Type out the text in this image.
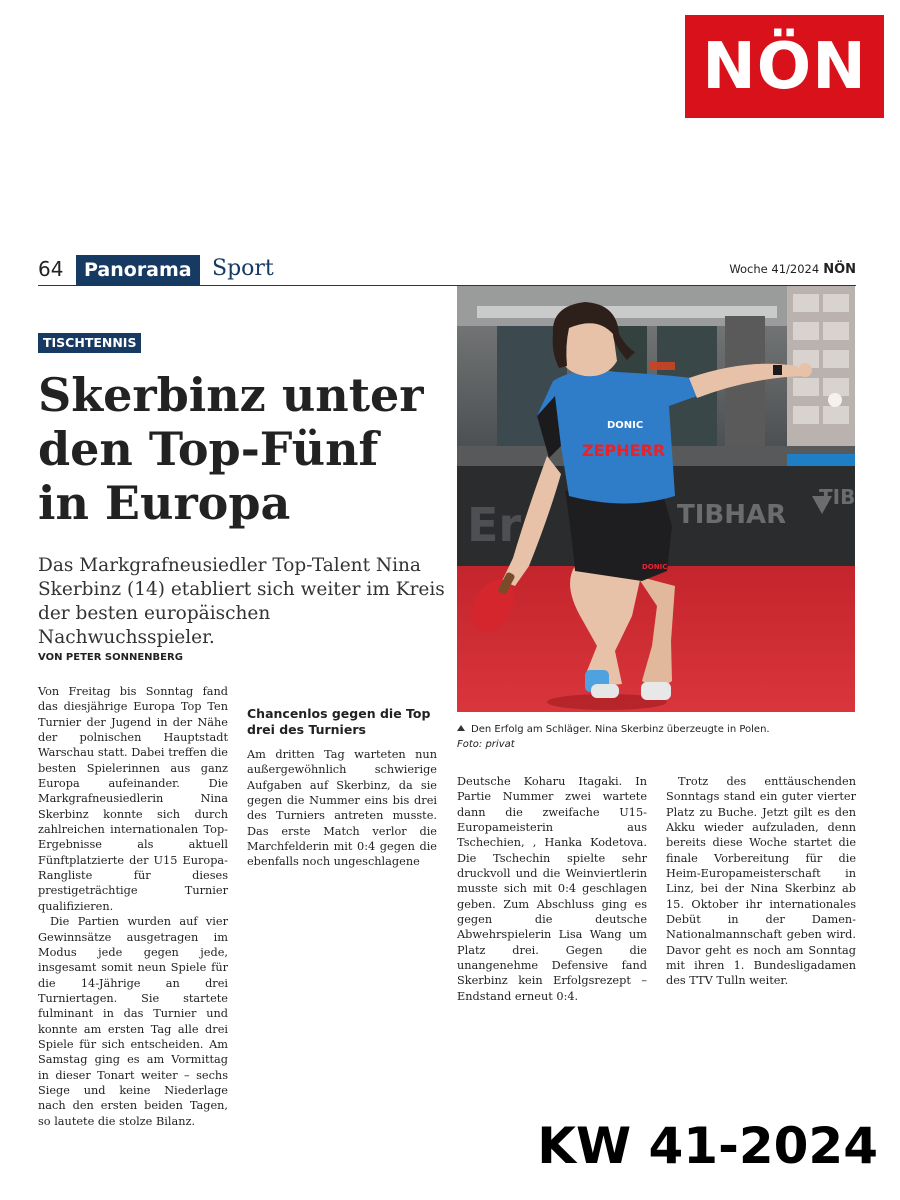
NÖN
64	Panorama Sport	Woche 41/2024 NÖN
TISCHTENNIS
Skerbinz unter
den Top-Fünf
in Europa

Das Markgrafneusiedler Top-Talent Nina Skerbinz (14) etabliert sich weiter im Kreis der besten europäischen Nachwuchsspieler.

VON PETER SONNENBERG
Er	TIBHAR
TIB
DONIC
DONIC
ZEPHERR
Den Erfolg am Schläger. Nina Skerbinz überzeugte in Polen.
Foto: privat

Von Freitag bis Sonntag fand das diesjährige Europa Top Ten Turnier der Jugend in der Nähe der polnischen Hauptstadt Warschau statt. Dabei treffen die besten Spielerinnen aus ganz Europa aufeinander. Die Markgrafneusiedlerin Nina Skerbinz konnte sich durch zahlreichen internationalen Top-Ergebnisse als aktuell Fünftplatzierte der U15 Europa-Rangliste für dieses prestigeträchtige Turnier qualifizieren.

Die Partien wurden auf vier Gewinnsätze ausgetragen im Modus jede gegen jede, insgesamt somit neun Spiele für die 14-Jährige an drei Turniertagen. Sie startete fulminant in das Turnier und konnte am ersten Tag alle drei Spiele für sich entscheiden. Am Samstag ging es am Vormittag in dieser Tonart weiter – sechs Siege und keine Niederlage nach den ersten beiden Tagen, so lautete die stolze Bilanz.

Chancenlos gegen die Top drei des Turniers

Am dritten Tag warteten nun außergewöhnlich schwierige Aufgaben auf Skerbinz, da sie gegen die Nummer eins bis drei des Turniers antreten musste. Das erste Match verlor die Marchfelderin mit 0:4 gegen die ebenfalls noch ungeschlagene

Deutsche Koharu Itagaki. In Partie Nummer zwei wartete dann die zweifache U15-Europameisterin aus Tschechien, , Hanka Kodetova. Die Tschechin spielte sehr druckvoll und die Weinviertlerin musste sich mit 0:4 geschlagen geben. Zum Abschluss ging es gegen die deutsche Abwehrspielerin Lisa Wang um Platz drei. Gegen die unangenehme Defensive fand Skerbinz kein Erfolgsrezept – Endstand erneut 0:4.

Trotz des enttäuschenden Sonntags stand ein guter vierter Platz zu Buche. Jetzt gilt es den Akku wieder aufzuladen, denn bereits diese Woche startet die finale Vorbereitung für die Heim-Europameisterschaft in Linz, bei der Nina Skerbinz ab 15. Oktober ihr internationales Debüt in der Damen-Nationalmannschaft geben wird. Davor geht es noch am Sonntag mit ihren 1. Bundesligadamen des TTV Tulln weiter.

KW 41-2024
